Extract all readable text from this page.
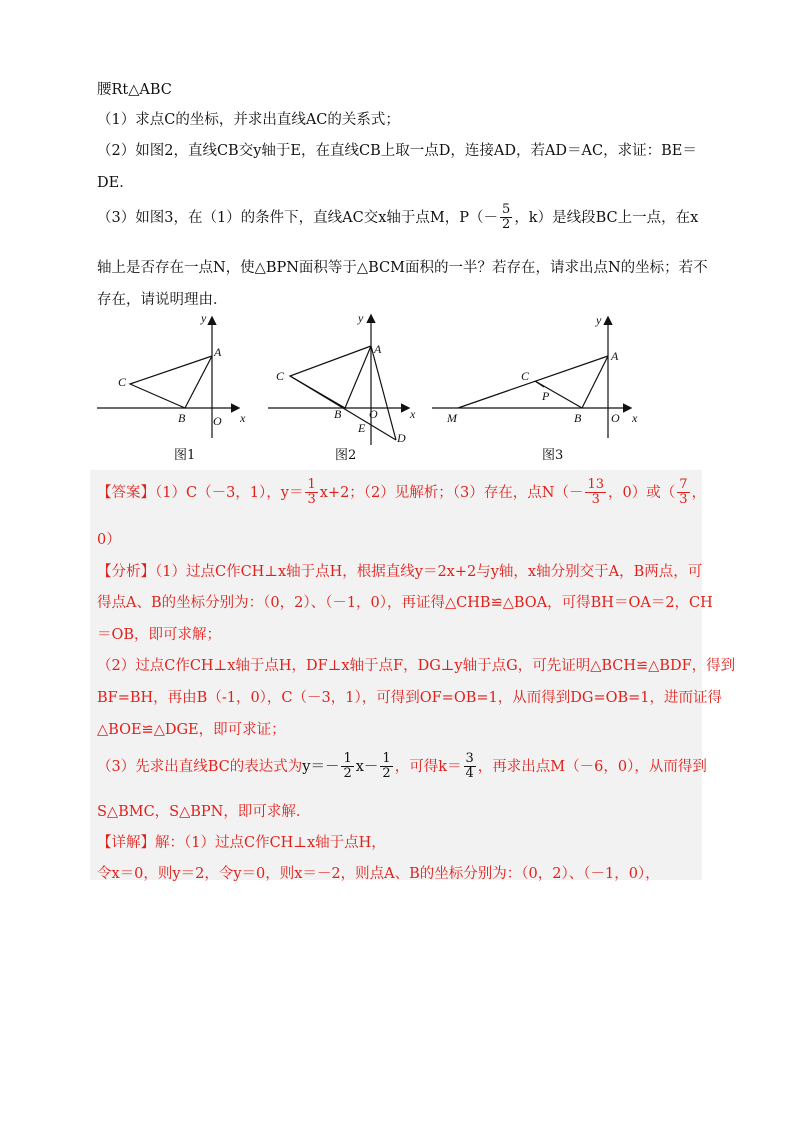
腰Rt△ABC
（1）求点C的坐标，并求出直线AC的关系式；
（2）如图2，直线CB交y轴于E，在直线CB上取一点D，连接AD，若AD＝AC，求证：BE＝
DE．
（3）如图3，在（1）的条件下，直线AC交x轴于点M，$P(- \frac{5}{2}$ ，k）是线段BC上一点，在x
轴上是否存在一点N，使△BPN面积等于△BCM面积的一半？若存在，请求出点N的坐标；若不
存在，请说明理由．
y
A
C
B O x
y
A
C
B O
E
D
x
y
A
C
P
B
M	O x
图1	图2	图3
【答案】（1）C（－3，1），$y= \frac{1}{3} x+2$；（2）见解析；（3）存在，点$N(- \frac{13}{3}$ ，0）或（ $\frac{7}{3}$ ，
0）
【分析】（1）过点C作CH⊥x轴于点H，根据直线y＝2x+2与y轴，x轴分别交于A，B两点，可
得点A、B的坐标分别为：（0，2）、（－1，0），再证得△CHB≌△BOA，可得BH＝OA＝2，CH
＝OB，即可求解；
（2）过点C作CH⊥x轴于点H，DF⊥x轴于点F，DG⊥y轴于点G，可先证明△BCH≌△BDF，得到
BF=BH，再由B（-1，0），C（－3，1），可得到OF=OB=1，从而得到DG=OB=1，进而证得
△BOE≌△DGE，即可求证；
（3）先求出直线BC的表达式为$y=- \frac{1}{2} x- \frac{1}{2}$ ，可得$k= \frac{3}{4}$ ，再求出点M（－6，0），从而得到
S△BMC，S△BPN，即可求解．
【详解】解：（1）过点C作CH⊥x轴于点H，
令x＝0，则y＝2，令y＝0，则x＝－2，则点A、B的坐标分别为：（0，2）、（－1，0），
